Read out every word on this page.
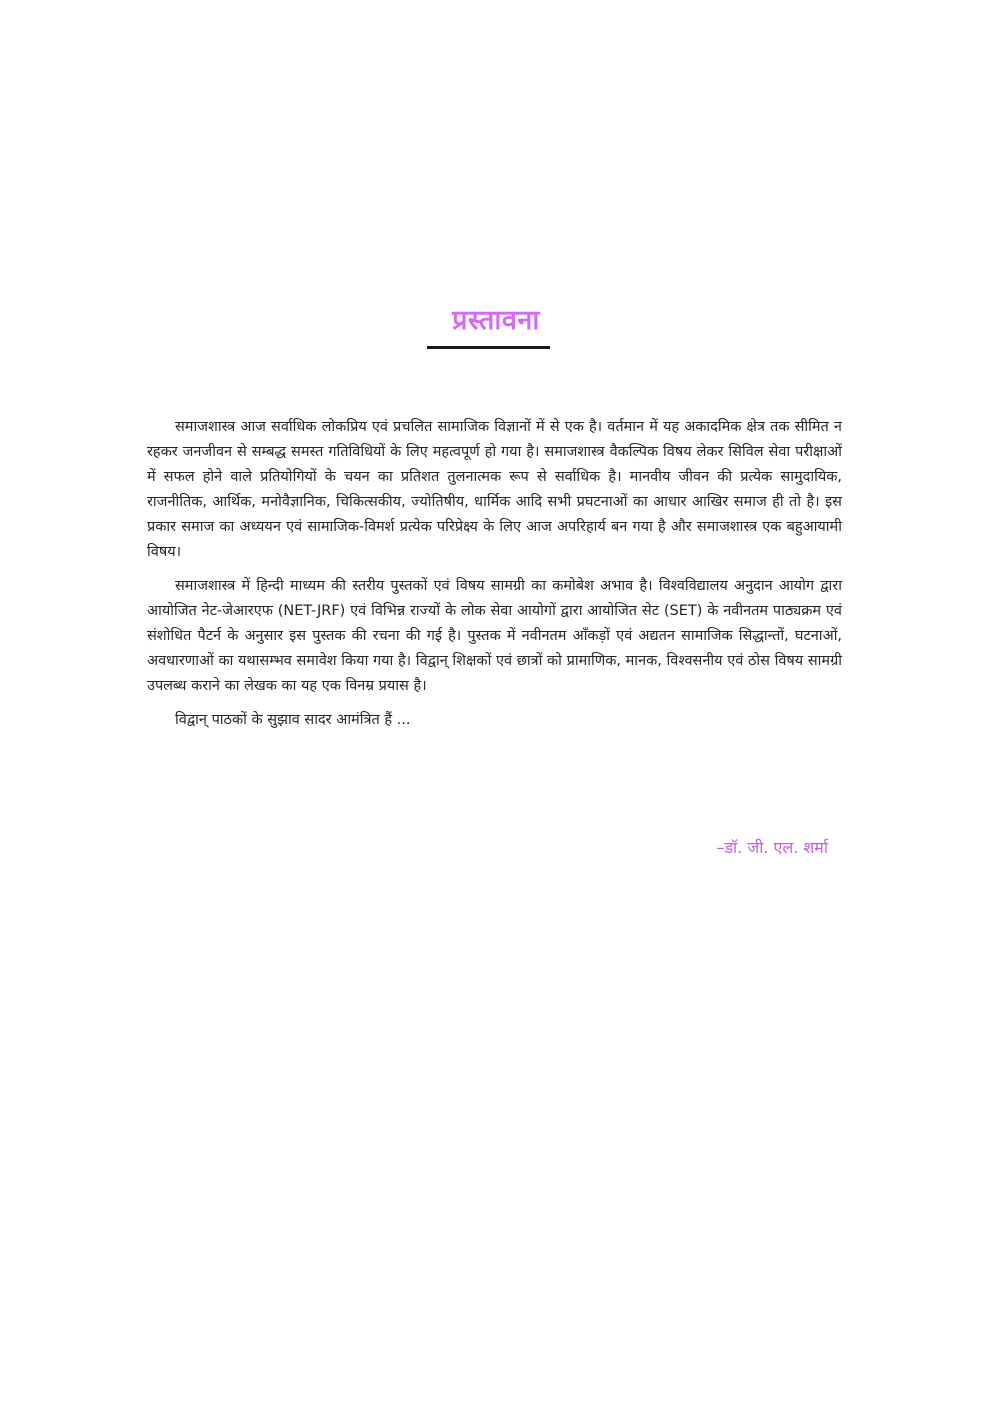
प्रस्तावना

समाजशास्त्र आज सर्वाधिक लोकप्रिय एवं प्रचलित सामाजिक विज्ञानों में से एक है। वर्तमान में यह अकादमिक क्षेत्र तक सीमित न रहकर जनजीवन से सम्बद्ध समस्त गतिविधियों के लिए महत्वपूर्ण हो गया है। समाजशास्त्र वैकल्पिक विषय लेकर सिविल सेवा परीक्षाओं में सफल होने वाले प्रतियोगियों के चयन का प्रतिशत तुलनात्मक रूप से सर्वाधिक है। मानवीय जीवन की प्रत्येक सामुदायिक, राजनीतिक, आर्थिक, मनोवैज्ञानिक, चिकित्सकीय, ज्योतिषीय, धार्मिक आदि सभी प्रघटनाओं का आधार आखिर समाज ही तो है। इस प्रकार समाज का अध्ययन एवं सामाजिक-विमर्श प्रत्येक परिप्रेक्ष्य के लिए आज अपरिहार्य बन गया है और समाजशास्त्र एक बहुआयामी विषय।

समाजशास्त्र में हिन्दी माध्यम की स्तरीय पुस्तकों एवं विषय सामग्री का कमोबेश अभाव है। विश्वविद्यालय अनुदान आयोग द्वारा आयोजित नेट-जेआरएफ (NET-JRF) एवं विभिन्न राज्यों के लोक सेवा आयोगों द्वारा आयोजित सेट (SET) के नवीनतम पाठ्यक्रम एवं संशोधित पैटर्न के अनुसार इस पुस्तक की रचना की गई है। पुस्तक में नवीनतम आँकड़ों एवं अद्यतन सामाजिक सिद्धान्तों, घटनाओं, अवधारणाओं का यथासम्भव समावेश किया गया है। विद्वान् शिक्षकों एवं छात्रों को प्रामाणिक, मानक, विश्वसनीय एवं ठोस विषय सामग्री उपलब्ध कराने का लेखक का यह एक विनम्र प्रयास है।

विद्वान् पाठकों के सुझाव सादर आमंत्रित हैं ...

–डॉ. जी. एल. शर्मा
